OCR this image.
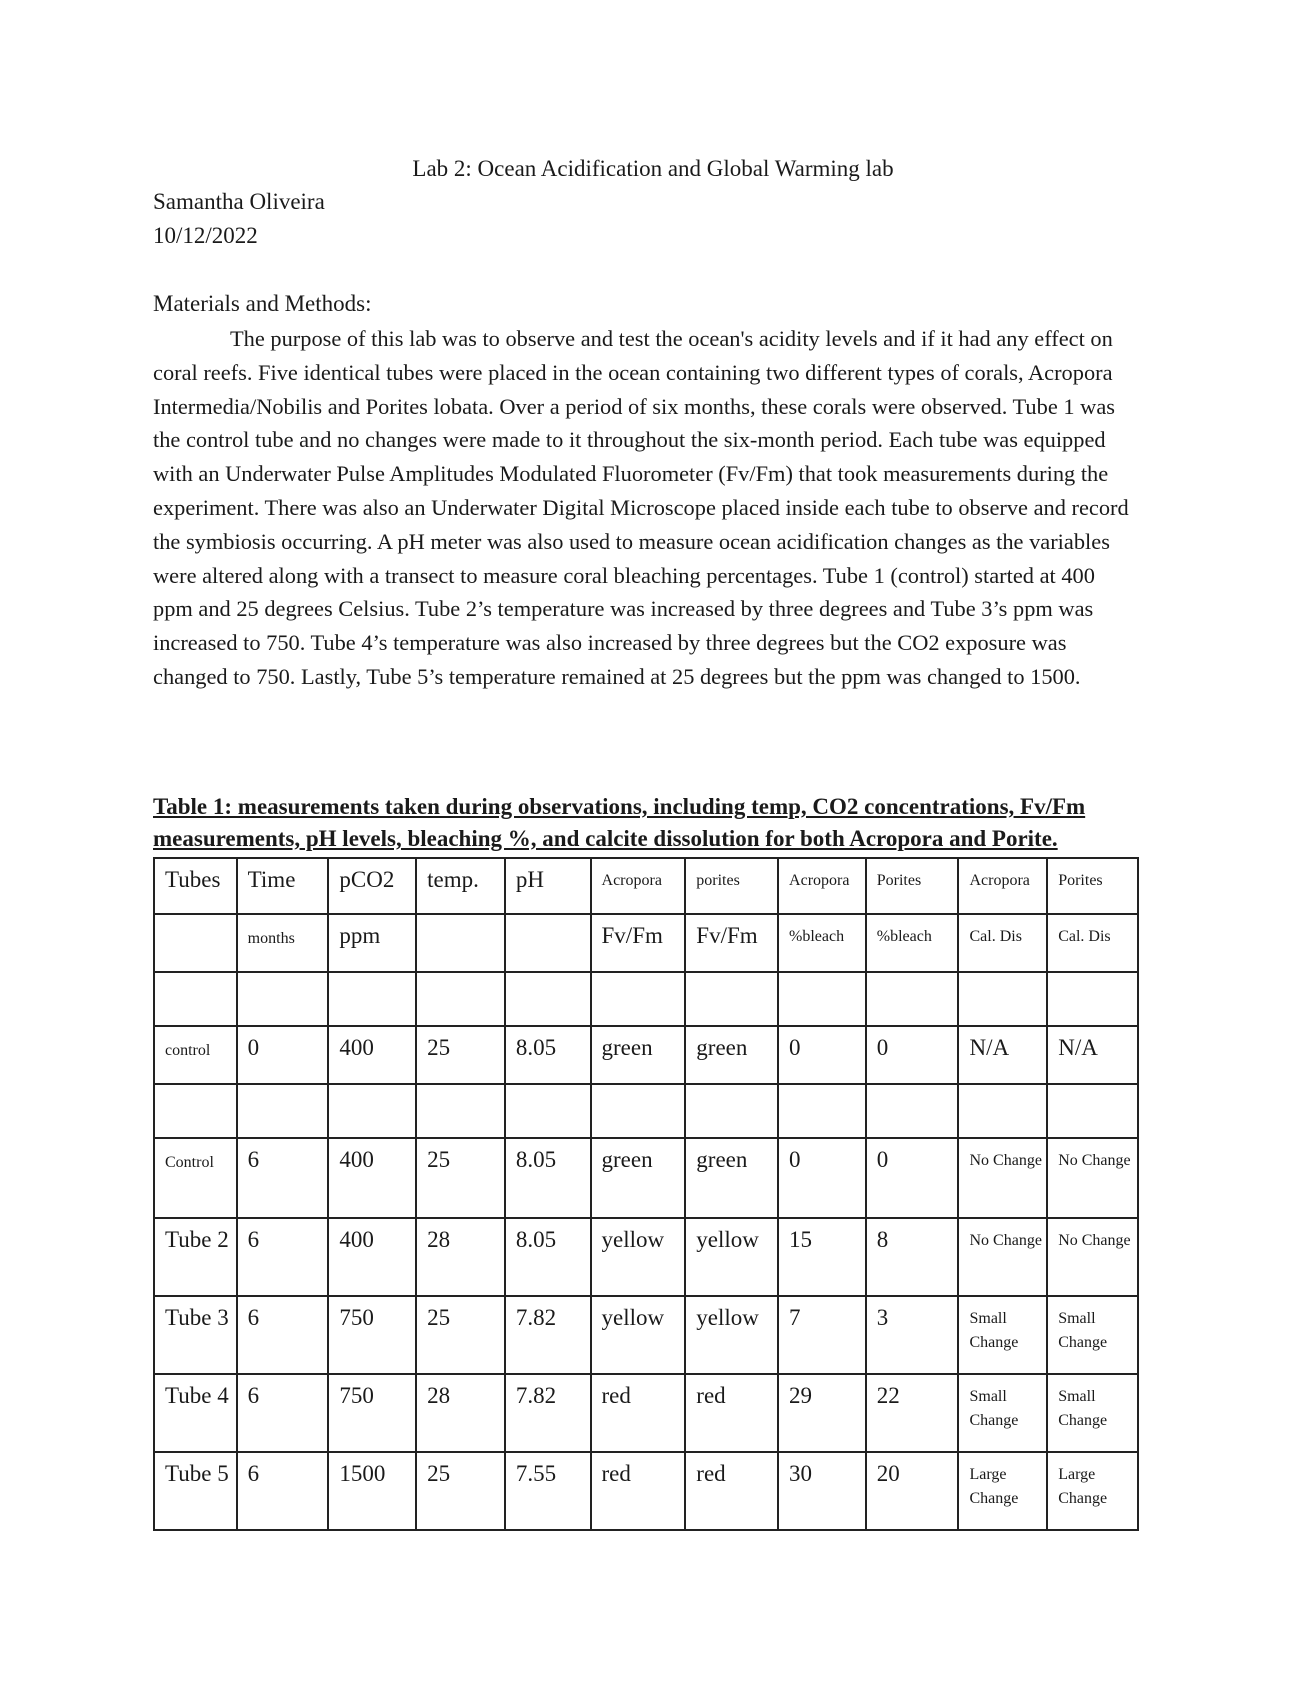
Lab 2: Ocean Acidification and Global Warming lab
Samantha Oliveira
10/12/2022
Materials and Methods:

The purpose of this lab was to observe and test the ocean's acidity levels and if it had any effect on coral reefs. Five identical tubes were placed in the ocean containing two different types of corals, Acropora Intermedia/Nobilis and Porites lobata. Over a period of six months, these corals were observed. Tube 1 was the control tube and no changes were made to it throughout the six-month period. Each tube was equipped with an Underwater Pulse Amplitudes Modulated Fluorometer (Fv/Fm) that took measurements during the experiment. There was also an Underwater Digital Microscope placed inside each tube to observe and record the symbiosis occurring. A pH meter was also used to measure ocean acidification changes as the variables were altered along with a transect to measure coral bleaching percentages. Tube 1 (control) started at 400 ppm and 25 degrees Celsius. Tube 2’s temperature was increased by three degrees and Tube 3’s ppm was increased to 750. Tube 4’s temperature was also increased by three degrees but the CO2 exposure was changed to 750. Lastly, Tube 5’s temperature remained at 25 degrees but the ppm was changed to 1500.

Table 1: measurements taken during observations, including temp, CO2 concentrations, Fv/Fm measurements, pH levels, bleaching %, and calcite dissolution for both Acropora and Porite.
Tubes	Time	pCO2	temp.	pH	Acropora	porites	Acropora	Porites	Acropora	Porites
	months	ppm			Fv/Fm	Fv/Fm	%bleach	%bleach	Cal. Dis	Cal. Dis

control	0	400	25	8.05	green	green	0	0	N/A	N/A

Control	6	400	25	8.05	green	green	0	0	No Change	No Change
Tube 2	6	400	28	8.05	yellow	yellow	15	8	No Change	No Change
Tube 3	6	750	25	7.82	yellow	yellow	7	3	Small Change	Small Change
Tube 4	6	750	28	7.82	red	red	29	22	Small Change	Small Change
Tube 5	6	1500	25	7.55	red	red	30	20	Large Change	Large Change
